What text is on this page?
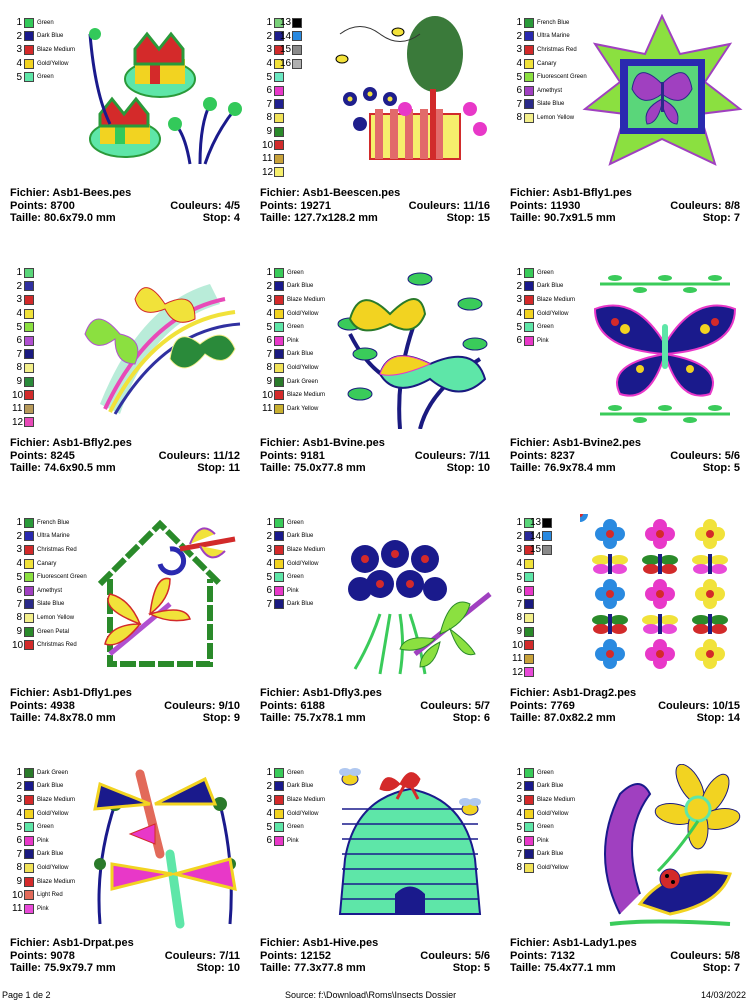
1	Green
2	Dark Blue
3	Blaze Medium
4	Gold/Yellow
5	Green
Fichier: Asb1-Bees.pes
Points: 8700	Couleurs: 4/5
Taille: 80.6x79.0 mm	Stop: 4
1
2
3
4
5
6
7
8
9
10
11
12
13
14
15
16
Fichier: Asb1-Beescen.pes
Points: 19271	Couleurs: 11/16
Taille: 127.7x128.2 mm	Stop: 15
1	French Blue
2	Ultra Marine
3	Christmas Red
4	Canary
5	Fluorescent Green
6	Amethyst
7	Slate Blue
8	Lemon Yellow
Fichier: Asb1-Bfly1.pes
Points: 11930	Couleurs: 8/8
Taille: 90.7x91.5 mm	Stop: 7
1
2
3
4
5
6
7
8
9
10
11
12
Fichier: Asb1-Bfly2.pes
Points: 8245	Couleurs: 11/12
Taille: 74.6x90.5 mm	Stop: 11
1	Green
2	Dark Blue
3	Blaze Medium
4	Gold/Yellow
5	Green
6	Pink
7	Dark Blue
8	Gold/Yellow
9	Dark Green
10 Blaze Medium
11 Dark Yellow
Fichier: Asb1-Bvine.pes
Points: 9181	Couleurs: 7/11
Taille: 75.0x77.8 mm	Stop: 10
1	Green
2	Dark Blue
3	Blaze Medium
4	Gold/Yellow
5	Green
6	Pink
Fichier: Asb1-Bvine2.pes
Points: 8237	Couleurs: 5/6
Taille: 76.9x78.4 mm	Stop: 5
1	French Blue
2	Ultra Marine
3	Christmas Red
4	Canary
5	Fluorescent Green
6	Amethyst
7	Slate Blue
8	Lemon Yellow
9	Green Petal
10 Christmas Red
Fichier: Asb1-Dfly1.pes
Points: 4938	Couleurs: 9/10
Taille: 74.8x78.0 mm	Stop: 9
1	Green
2	Dark Blue
3	Blaze Medium
4	Gold/Yellow
5	Green
6	Pink
7	Dark Blue
Fichier: Asb1-Dfly3.pes
Points: 6188	Couleurs: 5/7
Taille: 75.7x78.1 mm	Stop: 6
1
2
3
4
5
6
7
8
9
10
11
12
13
14
15
Fichier: Asb1-Drag2.pes
Points: 7769	Couleurs: 10/15
Taille: 87.0x82.2 mm	Stop: 14
1	Dark Green
2	Dark Blue
3	Blaze Medium
4	Gold/Yellow
5	Green
6	Pink
7	Dark Blue
8	Gold/Yellow
9	Blaze Medium
10 Light Red
11 Pink
Fichier: Asb1-Drpat.pes
Points: 9078	Couleurs: 7/11
Taille: 75.9x79.7 mm	Stop: 10
1	Green
2	Dark Blue
3	Blaze Medium
4	Gold/Yellow
5	Green
6	Pink
Fichier: Asb1-Hive.pes
Points: 12152	Couleurs: 5/6
Taille: 77.3x77.8 mm	Stop: 5
1	Green
2	Dark Blue
3	Blaze Medium
4	Gold/Yellow
5	Green
6	Pink
7	Dark Blue
8	Gold/Yellow
Fichier: Asb1-Lady1.pes
Points: 7132	Couleurs: 5/8
Taille: 75.4x77.1 mm	Stop: 7
Page 1 de 2	Source: f:\Download\Roms\Insects Dossier	14/03/2022
